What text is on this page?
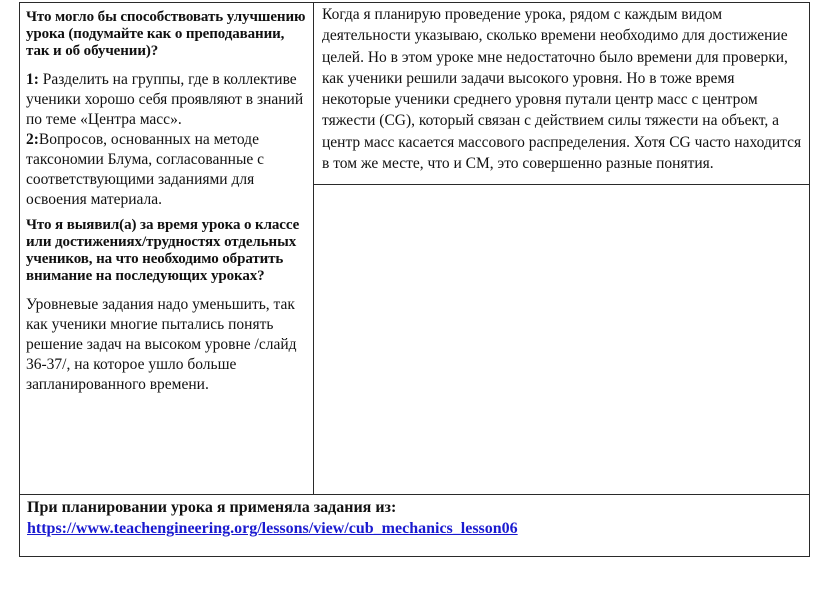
Что могло бы способствовать улучшению урока (подумайте как о преподавании, так и об обучении)?

1: Разделить на группы, где в коллективе ученики хорошо себя проявляют в знаний по теме «Центра масс».

2:Вопросов, основанных на методе таксономии Блума, согласованные с соответствующими заданиями для освоения материала.

Что я выявил(а) за время урока о классе или достижениях/трудностях отдельных учеников, на что необходимо обратить внимание на последующих уроках?

Уровневые задания надо уменьшить, так как ученики многие пытались понять решение задач на высоком уровне /слайд 36-37/, на которое ушло больше запланированного времени.

Когда я планирую проведение урока, рядом с каждым видом деятельности указываю, сколько времени необходимо для достижение целей. Но в этом уроке мне недостаточно было времени для проверки, как ученики решили задачи высокого уровня. Но в тоже время некоторые ученики среднего уровня путали центр масс с центром тяжести (CG), который связан с действием силы тяжести на объект, а центр масс касается массового распределения. Хотя CG часто находится в том же месте, что и CM, это совершенно разные понятия.

При планировании урока я применяла задания из:

https://www.teachengineering.org/lessons/view/cub_mechanics_lesson06
